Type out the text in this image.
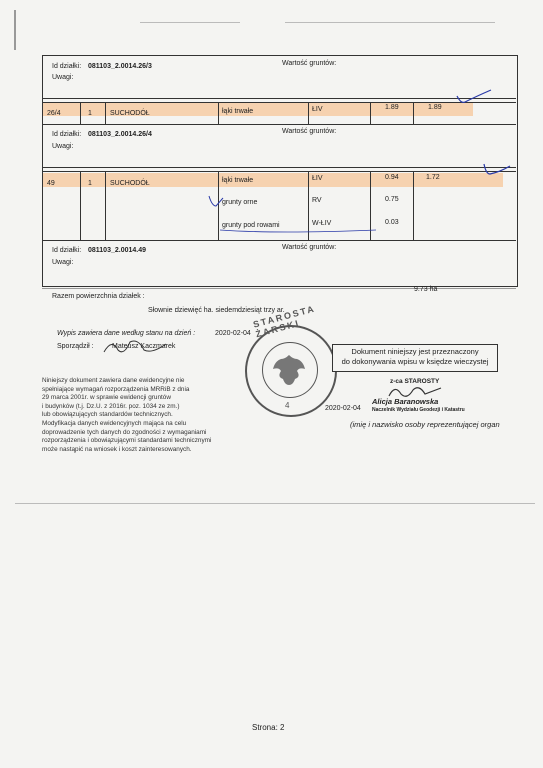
Id działki: 081103_2.0014.26/3	Wartość gruntów:
Uwagi:
26/4	1	SUCHODÓŁ	łąki trwałe	ŁIV	1.89	1.89
Id działki: 081103_2.0014.26/4	Wartość gruntów:
Uwagi:
49	1	SUCHODÓŁ	łąki trwałe	ŁIV	0.94	1.72
grunty orne	RV	0.75
grunty pod rowami	W-ŁIV	0.03
Id działki: 081103_2.0014.49	Wartość gruntów:
Uwagi:
9.73 ha
Razem powierzchnia działek :
Słownie :
dziewięć ha. siedemdziesiąt trzy ar.
Wypis zawiera dane według stanu na dzień :	2020-02-04
Sporządził :	Mateusz Kaczmarek
Niniejszy dokument zawiera dane ewidencyjne nie
spełniające wymagań rozporządzenia MRRiB z dnia
29 marca 2001r. w sprawie ewidencji gruntów
i budynków (t.j. Dz.U. z 2016r. poz. 1034 ze zm.)
lub obowiązujących standardów technicznych.
Modyfikacja danych ewidencyjnych mająca na celu
doprowadzenie tych danych do zgodności z wymaganiami
rozporządzenia i obowiązującymi standardami technicznymi
może nastąpić na wniosek i koszt zainteresowanych.
STAROSTA ŻARSKI
4
Dokument niniejszy jest przeznaczony
do dokonywania wpisu w księdze wieczystej
z-ca STAROSTY
Alicja Baranowska
2020-02-04 Naczelnik Wydziału Geodezji i Katastru
(imię i nazwisko osoby reprezentującej organ
Strona: 2
